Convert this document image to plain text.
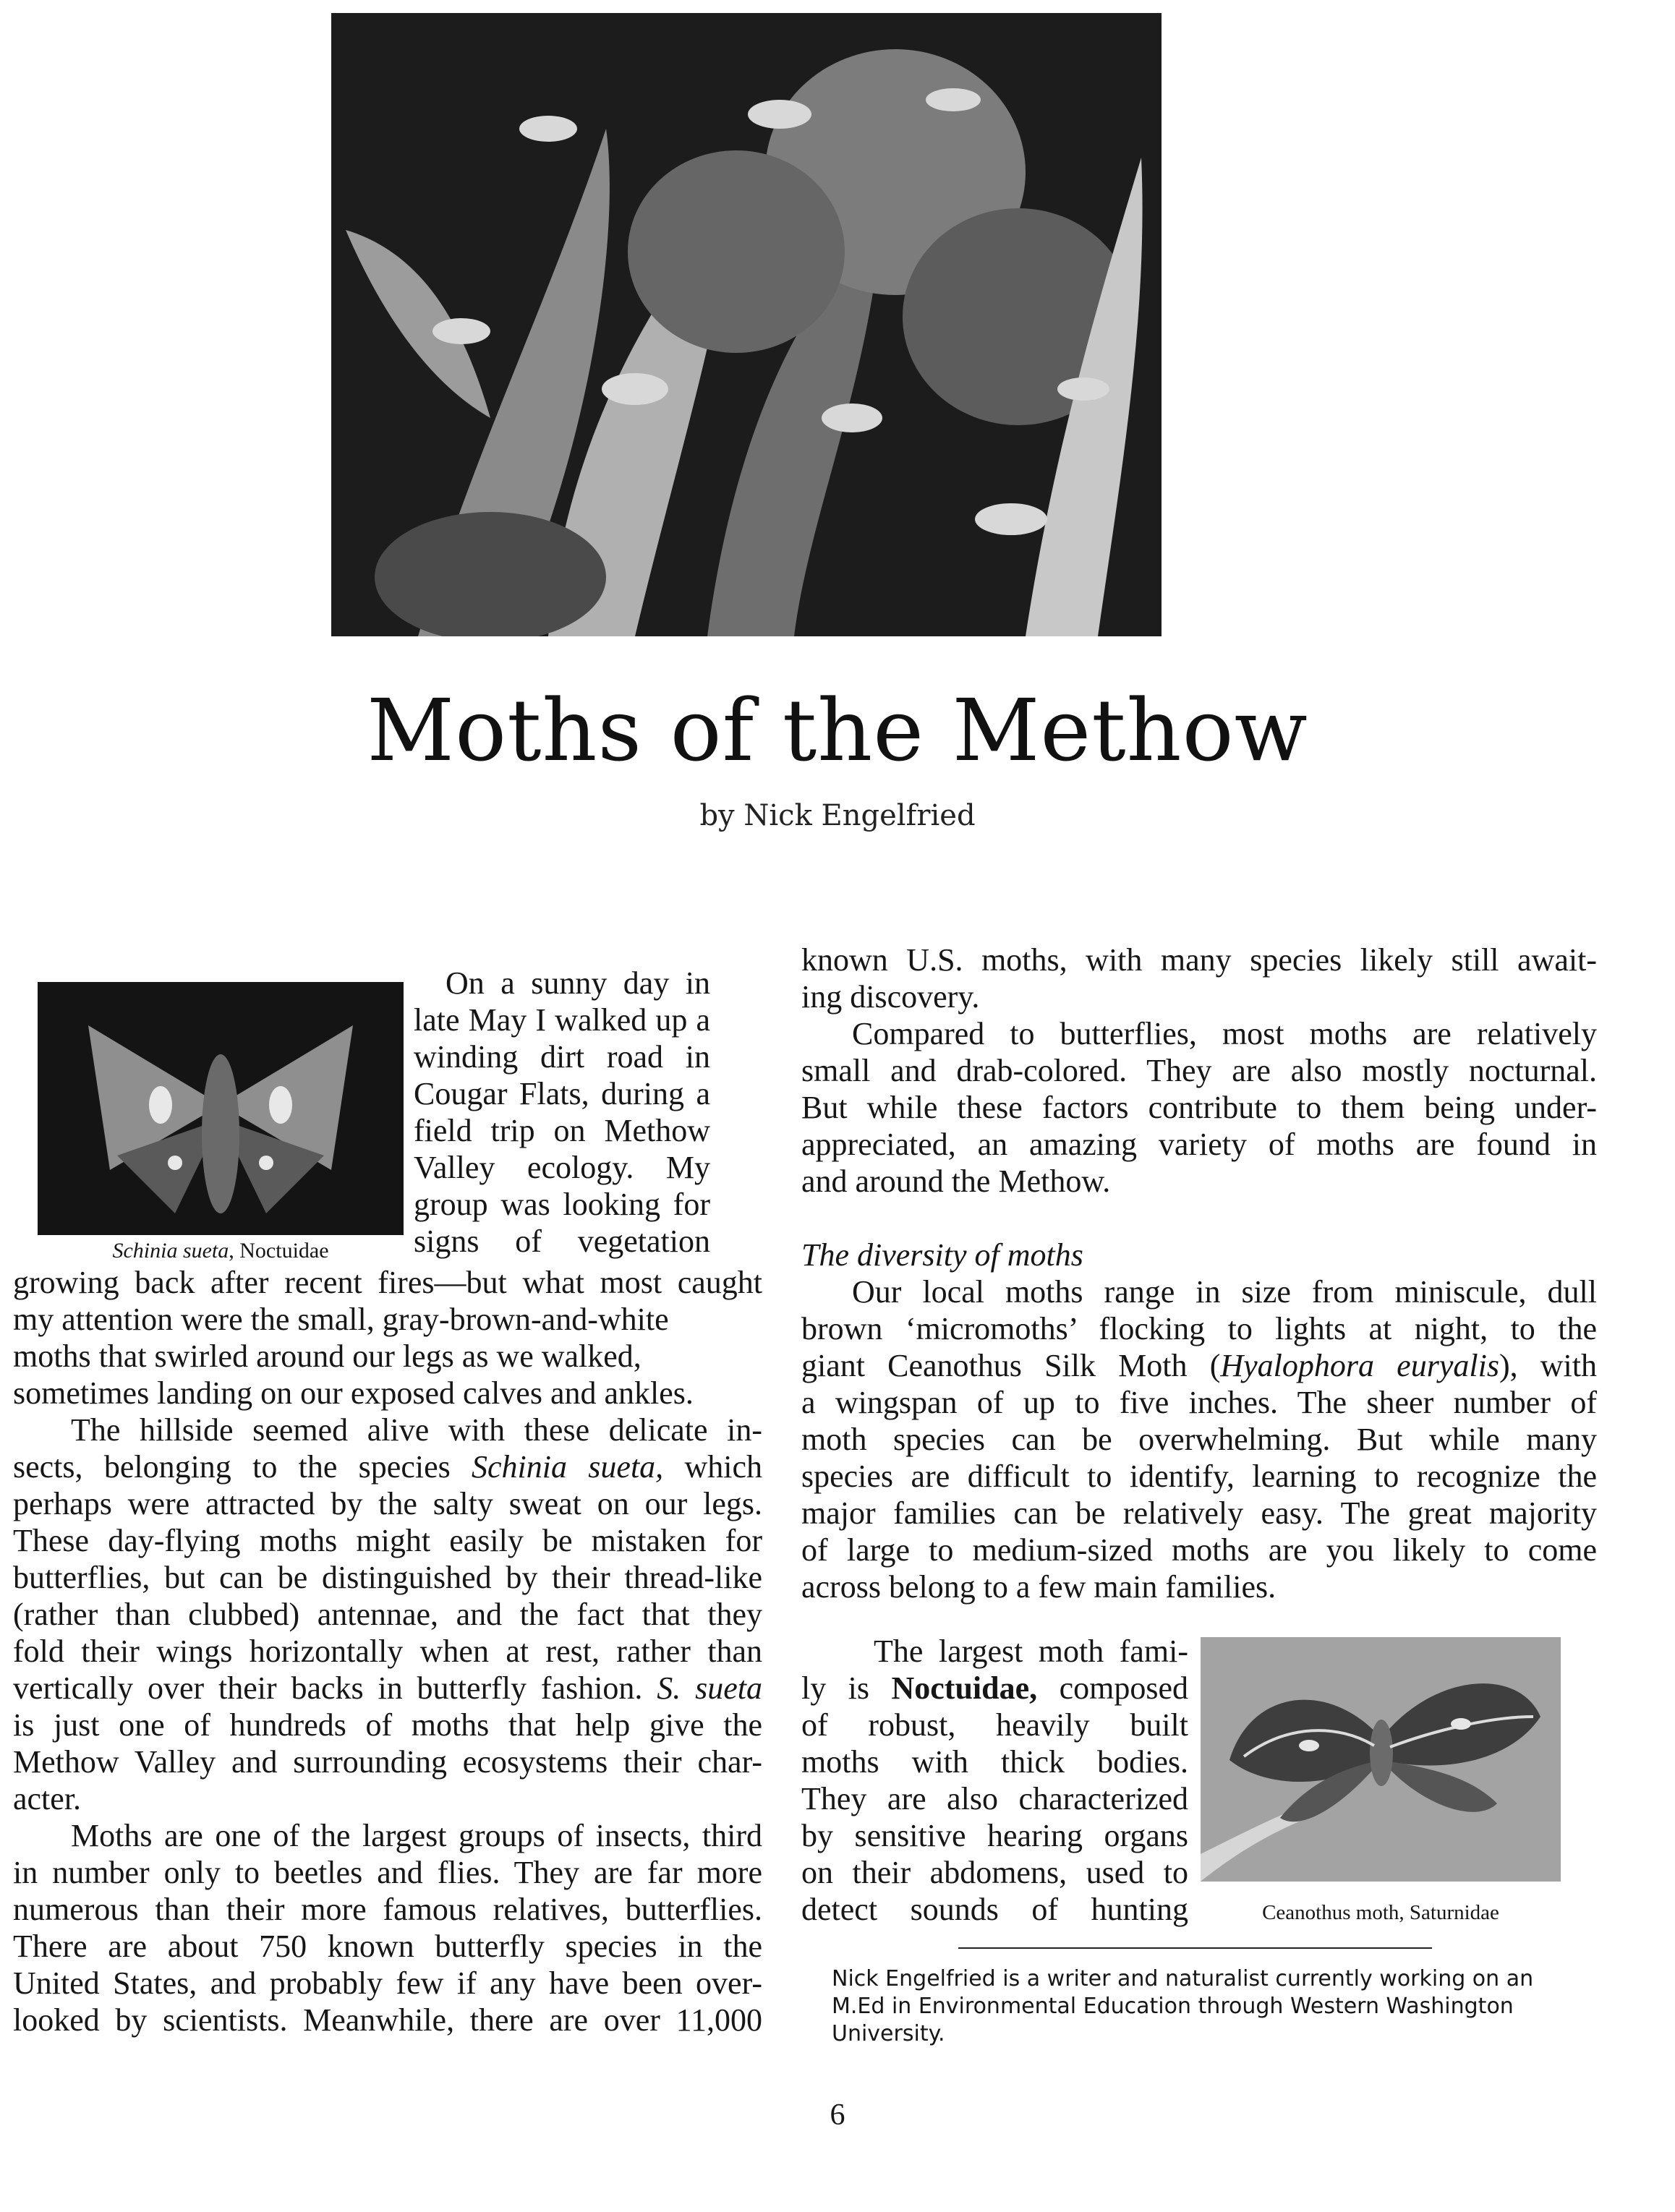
Moths of the Methow
by Nick Engelfried
Schinia sueta, Noctuidae
On a sunny day in
late May I walked up a
winding dirt road in
Cougar Flats, during a
field trip on Methow
Valley ecology. My
group was looking for
signs of vegetation
growing back after recent fires—but what most caught
my attention were the small, gray-brown-and-white
moths that swirled around our legs as we walked,
sometimes landing on our exposed calves and ankles.
The hillside seemed alive with these delicate in-
sects, belonging to the species Schinia sueta, which
perhaps were attracted by the salty sweat on our legs.
These day-flying moths might easily be mistaken for
butterflies, but can be distinguished by their thread-like
(rather than clubbed) antennae, and the fact that they
fold their wings horizontally when at rest, rather than
vertically over their backs in butterfly fashion. S. sueta
is just one of hundreds of moths that help give the
Methow Valley and surrounding ecosystems their char-
acter.
Moths are one of the largest groups of insects, third
in number only to beetles and flies. They are far more
numerous than their more famous relatives, butterflies.
There are about 750 known butterfly species in the
United States, and probably few if any have been over-
looked by scientists. Meanwhile, there are over 11,000
known U.S. moths, with many species likely still await-
ing discovery.
Compared to butterflies, most moths are relatively
small and drab-colored. They are also mostly nocturnal.
But while these factors contribute to them being under-
appreciated, an amazing variety of moths are found in
and around the Methow.
The diversity of moths
Our local moths range in size from miniscule, dull
brown ‘micromoths’ flocking to lights at night, to the
giant Ceanothus Silk Moth (Hyalophora euryalis), with
a wingspan of up to five inches. The sheer number of
moth species can be overwhelming. But while many
species are difficult to identify, learning to recognize the
major families can be relatively easy. The great majority
of large to medium-sized moths are you likely to come
across belong to a few main families.
The largest moth fami-
ly is Noctuidae, composed
of robust, heavily built
moths with thick bodies.
They are also characterized
by sensitive hearing organs
on their abdomens, used to
detect sounds of hunting	Ceanothus moth, Saturnidae
Nick Engelfried is a writer and naturalist currently working on an
M.Ed in Environmental Education through Western Washington
University.
6
